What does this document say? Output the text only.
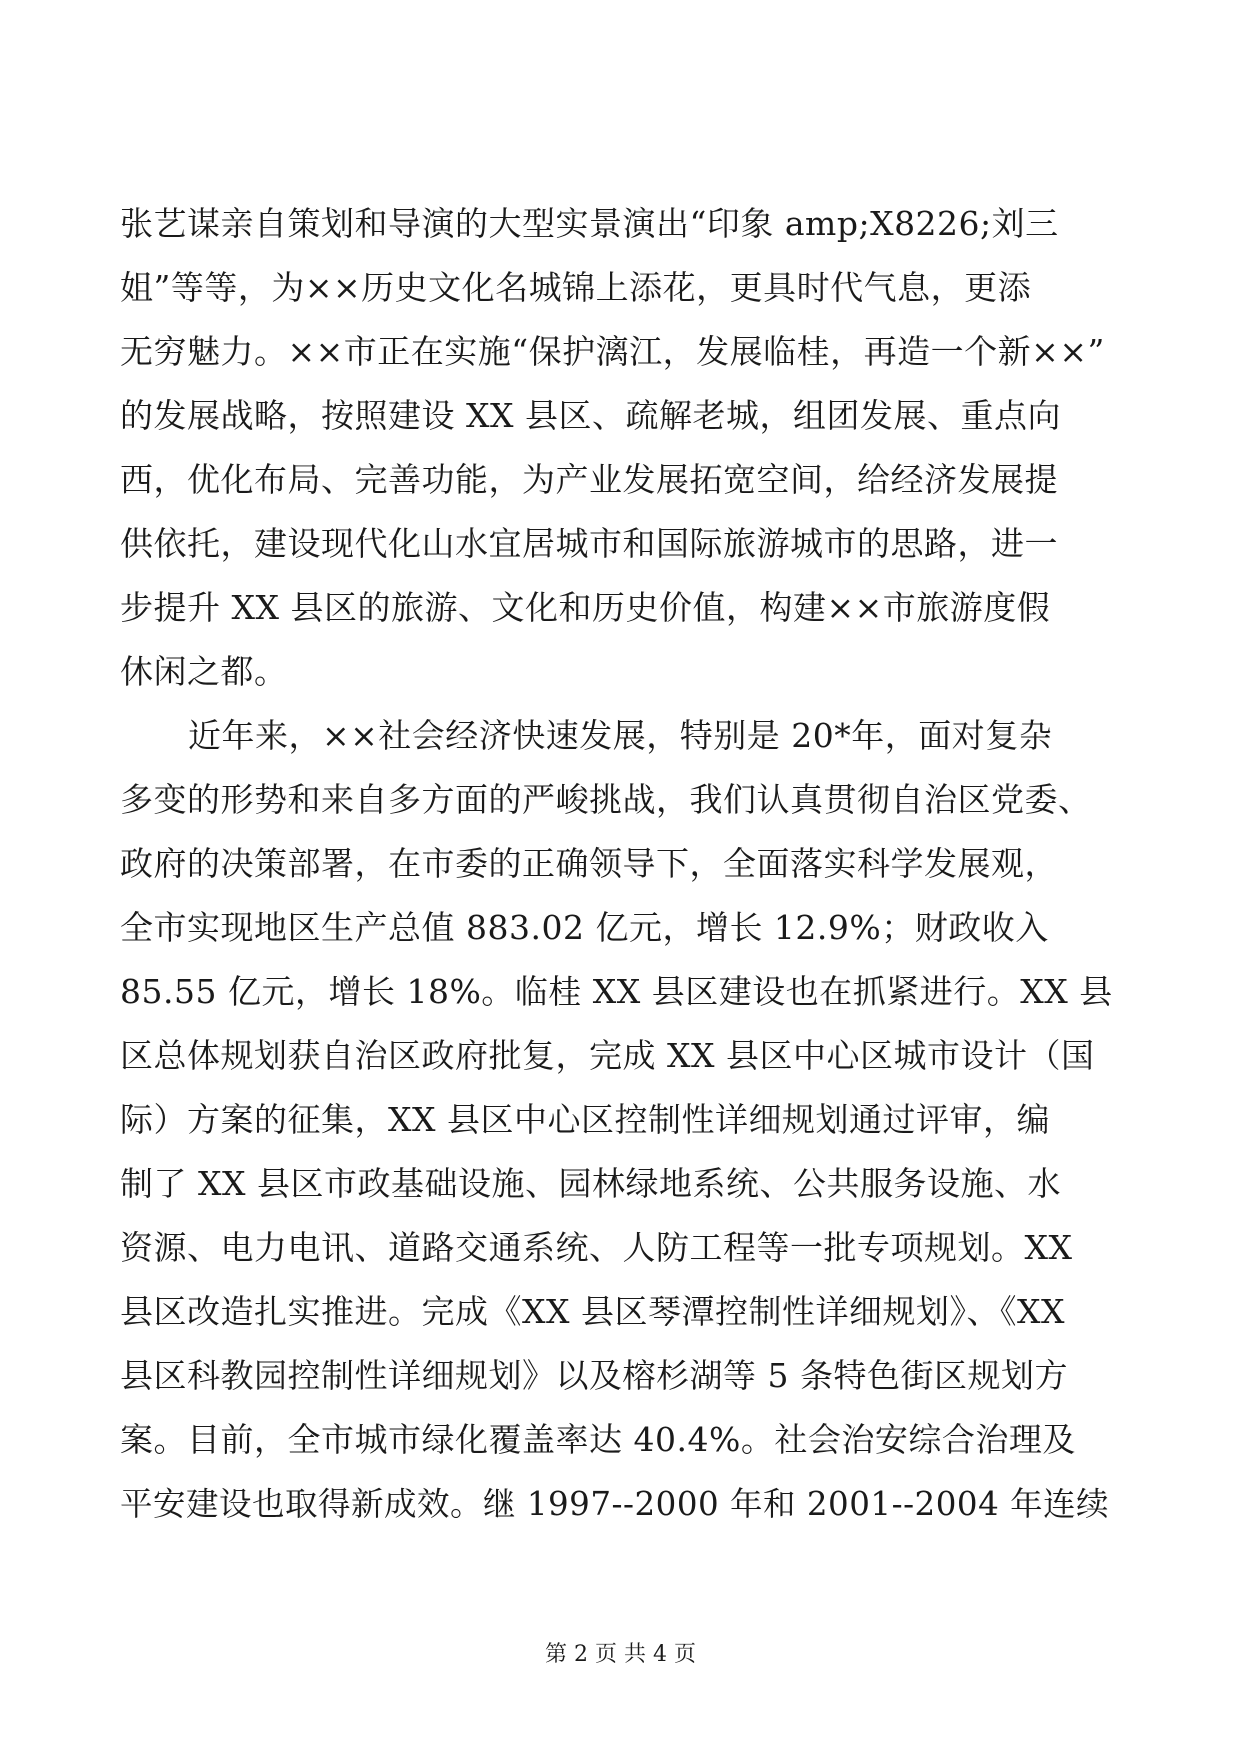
张艺谋亲自策划和导演的大型实景演出“印象 amp;X8226;刘三
姐”等等，为××历史文化名城锦上添花，更具时代气息，更添
无穷魅力。××市正在实施“保护漓江，发展临桂，再造一个新××”
的发展战略，按照建设 XX 县区、疏解老城，组团发展、重点向
西，优化布局、完善功能，为产业发展拓宽空间，给经济发展提
供依托，建设现代化山水宜居城市和国际旅游城市的思路，进一
步提升 XX 县区的旅游、文化和历史价值，构建××市旅游度假
休闲之都。
近年来，××社会经济快速发展，特别是 20*年，面对复杂
多变的形势和来自多方面的严峻挑战，我们认真贯彻自治区党委、
政府的决策部署，在市委的正确领导下，全面落实科学发展观，
全市实现地区生产总值 883.02 亿元，增长 12.9%；财政收入
85.55 亿元，增长 18%。临桂 XX 县区建设也在抓紧进行。XX 县
区总体规划获自治区政府批复，完成 XX 县区中心区城市设计（国
际）方案的征集，XX 县区中心区控制性详细规划通过评审，编
制了 XX 县区市政基础设施、园林绿地系统、公共服务设施、水
资源、电力电讯、道路交通系统、人防工程等一批专项规划。XX
县区改造扎实推进。完成《XX 县区琴潭控制性详细规划》、《XX
县区科教园控制性详细规划》以及榕杉湖等 5 条特色街区规划方
案。目前，全市城市绿化覆盖率达 40.4%。社会治安综合治理及
平安建设也取得新成效。继 1997--2000 年和 2001--2004 年连续
第 2 页 共 4 页
